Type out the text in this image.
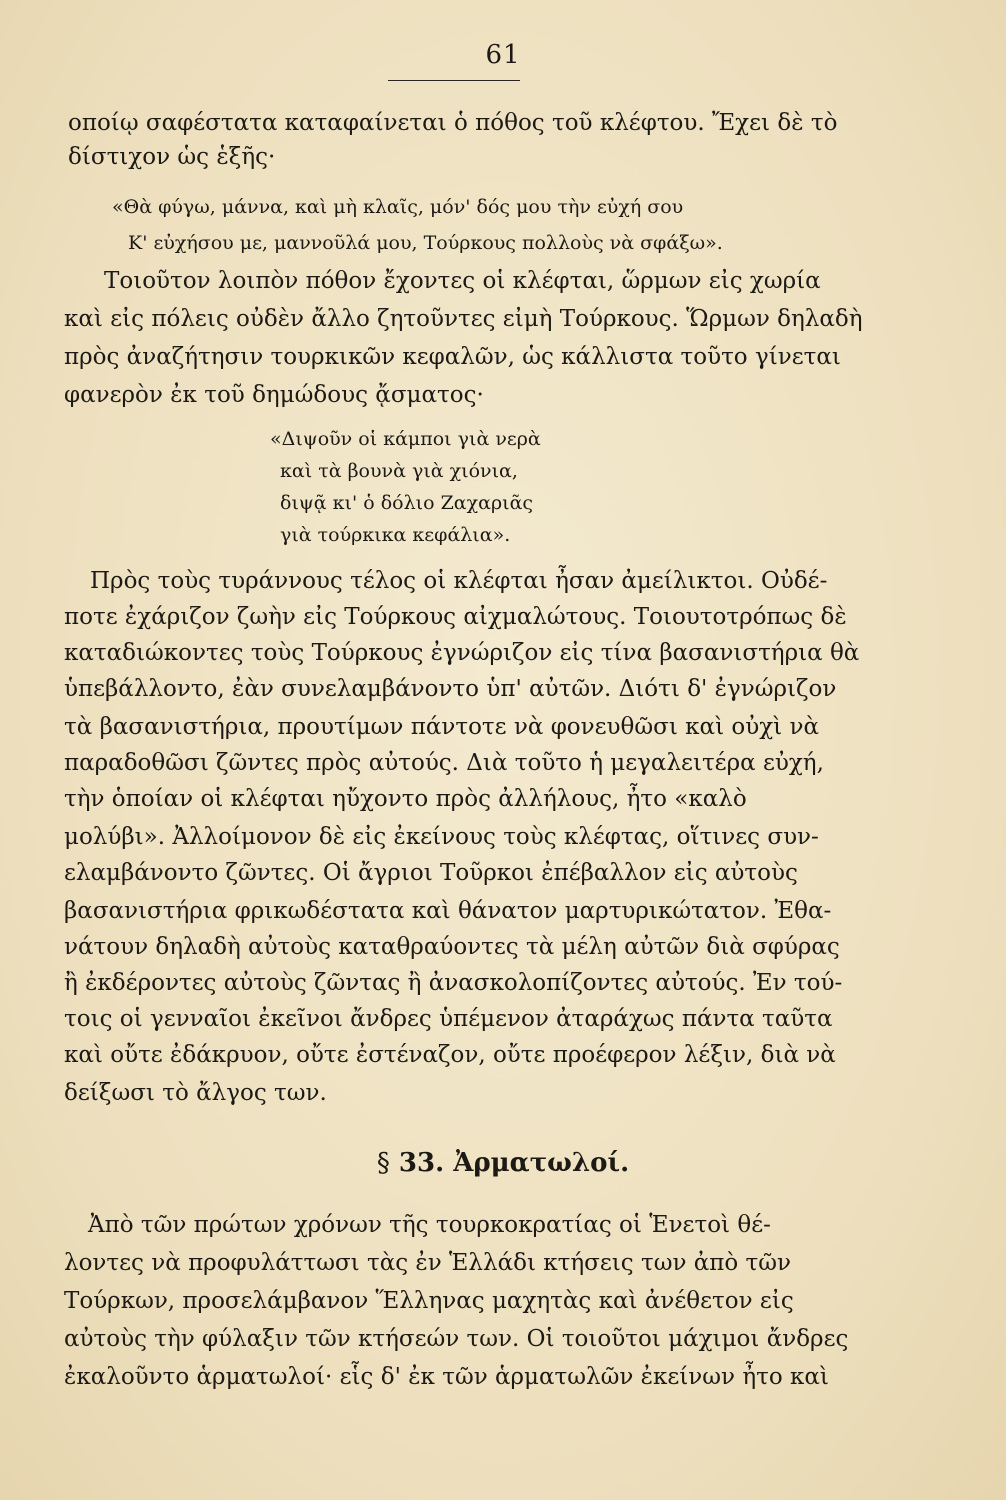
61
οποίῳ σαφέστατα καταφαίνεται ὁ πόθος τοῦ κλέφτου. Ἔχει δὲ τὸ
δίστιχον ὡς ἑξῆς·
«Θὰ φύγω, μάννα, καὶ μὴ κλαῖς, μόν' δός μου τὴν εὐχή σου
Κ' εὐχήσου με, μαννοῦλά μου, Τούρκους πολλοὺς νὰ σφάξω».
Τοιοῦτον λοιπὸν πόθον ἔχοντες οἱ κλέφται, ὥρμων εἰς χωρία
καὶ εἰς πόλεις οὐδὲν ἄλλο ζητοῦντες εἰμὴ Τούρκους. Ὥρμων δηλαδὴ
πρὸς ἀναζήτησιν τουρκικῶν κεφαλῶν, ὡς κάλλιστα τοῦτο γίνεται
φανερὸν ἐκ τοῦ δημώδους ᾄσματος·
«Διψοῦν οἱ κάμποι γιὰ νερὰ
καὶ τὰ βουνὰ γιὰ χιόνια,
διψᾷ κι' ὁ δόλιο Ζαχαριᾶς
γιὰ τούρκικα κεφάλια».
Πρὸς τοὺς τυράννους τέλος οἱ κλέφται ἦσαν ἀμείλικτοι. Οὐδέ-
ποτε ἐχάριζον ζωὴν εἰς Τούρκους αἰχμαλώτους. Τοιουτοτρόπως δὲ
καταδιώκοντες τοὺς Τούρκους ἐγνώριζον εἰς τίνα βασανιστήρια θὰ
ὑπεβάλλοντο, ἐὰν συνελαμβάνοντο ὑπ' αὐτῶν. Διότι δ' ἐγνώριζον
τὰ βασανιστήρια, προυτίμων πάντοτε νὰ φονευθῶσι καὶ οὐχὶ νὰ
παραδοθῶσι ζῶντες πρὸς αὐτούς. Διὰ τοῦτο ἡ μεγαλειτέρα εὐχή,
τὴν ὁποίαν οἱ κλέφται ηὔχοντο πρὸς ἀλλήλους, ἦτο «καλὸ
μολύβι». Ἀλλοίμονον δὲ εἰς ἐκείνους τοὺς κλέφτας, οἵτινες συν-
ελαμβάνοντο ζῶντες. Οἱ ἄγριοι Τοῦρκοι ἐπέβαλλον εἰς αὐτοὺς
βασανιστήρια φρικωδέστατα καὶ θάνατον μαρτυρικώτατον. Ἐθα-
νάτουν δηλαδὴ αὐτοὺς καταθραύοντες τὰ μέλη αὐτῶν διὰ σφύρας
ἢ ἐκδέροντες αὐτοὺς ζῶντας ἢ ἀνασκολοπίζοντες αὐτούς. Ἐν τού-
τοις οἱ γενναῖοι ἐκεῖνοι ἄνδρες ὑπέμενον ἀταράχως πάντα ταῦτα
καὶ οὔτε ἐδάκρυον, οὔτε ἐστέναζον, οὔτε προέφερον λέξιν, διὰ νὰ
δείξωσι τὸ ἄλγος των.
§ 33. Ἀρματωλοί.
Ἀπὸ τῶν πρώτων χρόνων τῆς τουρκοκρατίας οἱ Ἑνετοὶ θέ-
λοντες νὰ προφυλάττωσι τὰς ἐν Ἑλλάδι κτήσεις των ἀπὸ τῶν
Τούρκων, προσελάμβανον Ἕλληνας μαχητὰς καὶ ἀνέθετον εἰς
αὐτοὺς τὴν φύλαξιν τῶν κτήσεών των. Οἱ τοιοῦτοι μάχιμοι ἄνδρες
ἐκαλοῦντο ἁρματωλοί· εἷς δ' ἐκ τῶν ἁρματωλῶν ἐκείνων ἦτο καὶ
